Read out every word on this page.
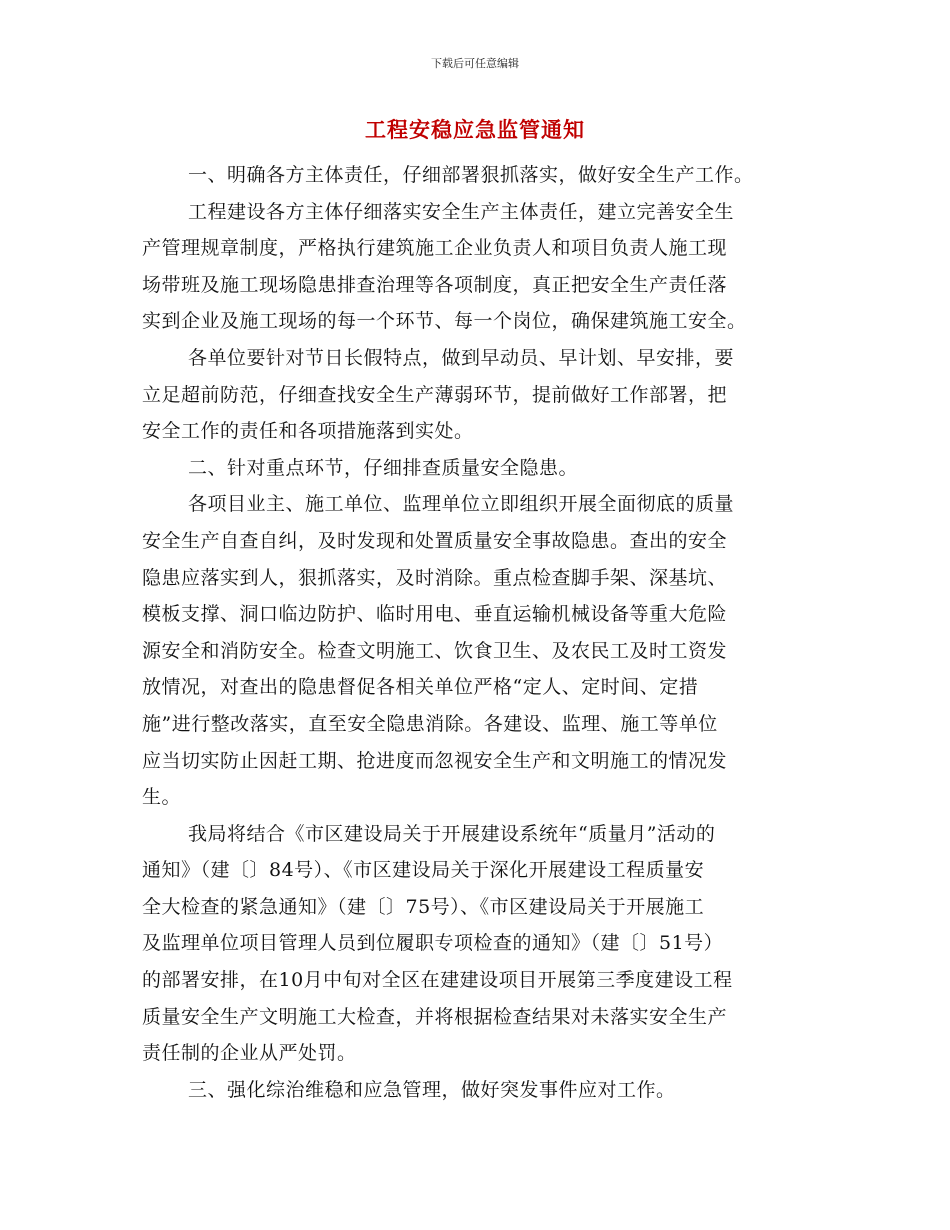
下载后可任意编辑
工程安稳应急监管通知
一、明确各方主体责任，仔细部署狠抓落实，做好安全生产工作。
工程建设各方主体仔细落实安全生产主体责任，建立完善安全生
产管理规章制度，严格执行建筑施工企业负责人和项目负责人施工现
场带班及施工现场隐患排查治理等各项制度，真正把安全生产责任落
实到企业及施工现场的每一个环节、每一个岗位，确保建筑施工安全。
各单位要针对节日长假特点，做到早动员、早计划、早安排，要
立足超前防范，仔细查找安全生产薄弱环节，提前做好工作部署，把
安全工作的责任和各项措施落到实处。
二、针对重点环节，仔细排查质量安全隐患。
各项目业主、施工单位、监理单位立即组织开展全面彻底的质量
安全生产自查自纠，及时发现和处置质量安全事故隐患。查出的安全
隐患应落实到人，狠抓落实，及时消除。重点检查脚手架、深基坑、
模板支撑、洞口临边防护、临时用电、垂直运输机械设备等重大危险
源安全和消防安全。检查文明施工、饮食卫生、及农民工及时工资发
放情况，对查出的隐患督促各相关单位严格“定人、定时间、定措
施”进行整改落实，直至安全隐患消除。各建设、监理、施工等单位
应当切实防止因赶工期、抢进度而忽视安全生产和文明施工的情况发
生。
我局将结合《市区建设局关于开展建设系统年“质量月”活动的
通知》（建〔〕84号）、《市区建设局关于深化开展建设工程质量安
全大检查的紧急通知》（建〔〕75号）、《市区建设局关于开展施工
及监理单位项目管理人员到位履职专项检查的通知》（建〔〕51号）
的部署安排，在10月中旬对全区在建建设项目开展第三季度建设工程
质量安全生产文明施工大检查，并将根据检查结果对未落实安全生产
责任制的企业从严处罚。
三、强化综治维稳和应急管理，做好突发事件应对工作。
